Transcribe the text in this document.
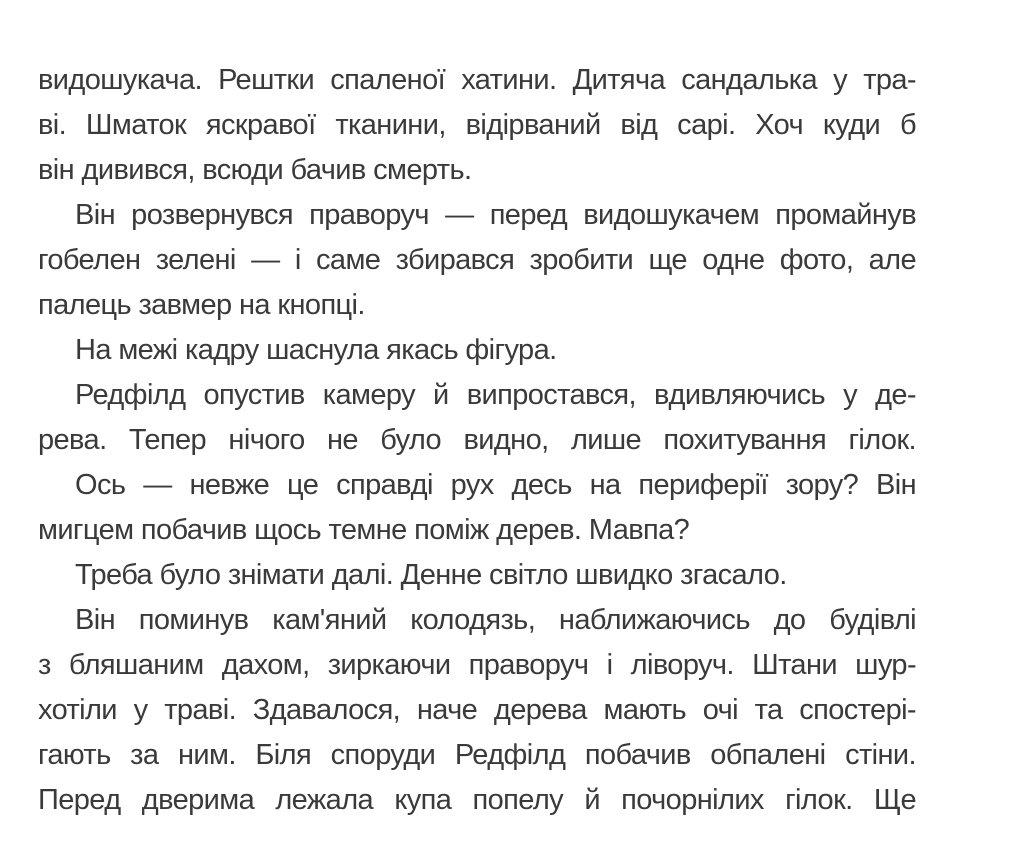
видошукача. Рештки спаленої хатини. Дитяча сандалька у тра-
ві. Шматок яскравої тканини, відірваний від сарі. Хоч куди б
він дивився, всюди бачив смерть.
Він розвернувся праворуч — перед видошукачем промайнув
гобелен зелені — і саме збирався зробити ще одне фото, але
палець завмер на кнопці.
На межі кадру шаснула якась фігура.
Редфілд опустив камеру й випростався, вдивляючись у де-
рева. Тепер нічого не було видно, лише похитування гілок.
Ось — невже це справді рух десь на периферії зору? Він
мигцем побачив щось темне поміж дерев. Мавпа?
Треба було знімати далі. Денне світло швидко згасало.
Він поминув кам'яний колодязь, наближаючись до будівлі
з бляшаним дахом, зиркаючи праворуч і ліворуч. Штани шур-
хотіли у траві. Здавалося, наче дерева мають очі та спостері-
гають за ним. Біля споруди Редфілд побачив обпалені стіни.
Перед дверима лежала купа попелу й почорнілих гілок. Ще
